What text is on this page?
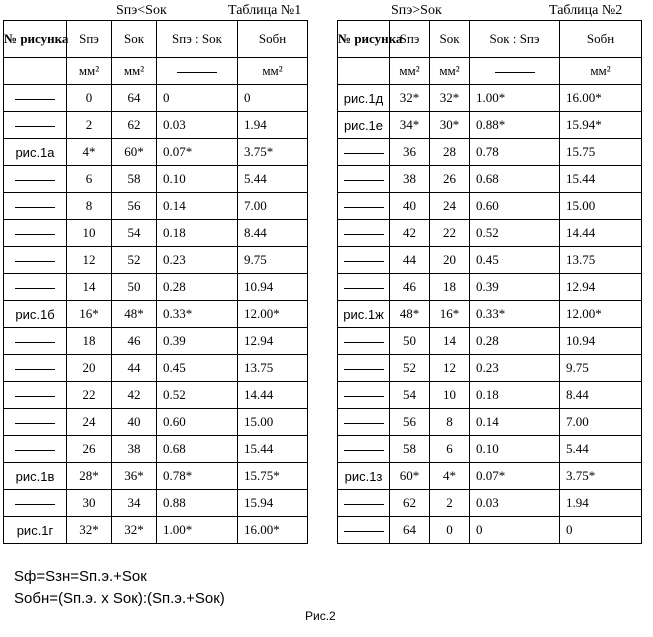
Sпэ<Sок	Таблица №1
№ рисунка	Sпэ	Sок	Sпэ : Sок	Sобн
	мм²	мм²		мм²
	0	64	0	0
	2	62	0.03	1.94
рис.1а	4*	60*	0.07*	3.75*
	6	58	0.10	5.44
	8	56	0.14	7.00
	10	54	0.18	8.44
	12	52	0.23	9.75
	14	50	0.28	10.94
рис.1б	16*	48*	0.33*	12.00*
	18	46	0.39	12.94
	20	44	0.45	13.75
	22	42	0.52	14.44
	24	40	0.60	15.00
	26	38	0.68	15.44
рис.1в	28*	36*	0.78*	15.75*
	30	34	0.88	15.94
рис.1г	32*	32*	1.00*	16.00*
Sпэ>Sок	Таблица №2
№ рисунка	Sпэ	Sок	Sок : Sпэ	Sобн
	мм²	мм²		мм²
рис.1д	32*	32*	1.00*	16.00*
рис.1е	34*	30*	0.88*	15.94*
	36	28	0.78	15.75
	38	26	0.68	15.44
	40	24	0.60	15.00
	42	22	0.52	14.44
	44	20	0.45	13.75
	46	18	0.39	12.94
рис.1ж	48*	16*	0.33*	12.00*
	50	14	0.28	10.94
	52	12	0.23	9.75
	54	10	0.18	8.44
	56	8	0.14	7.00
	58	6	0.10	5.44
рис.1з	60*	4*	0.07*	3.75*
	62	2	0.03	1.94
	64	0	0	0
Sф=Sзн=Sп.э.+Sок
Sобн=(Sп.э. х Sок):(Sп.э.+Sок)
Рис.2
